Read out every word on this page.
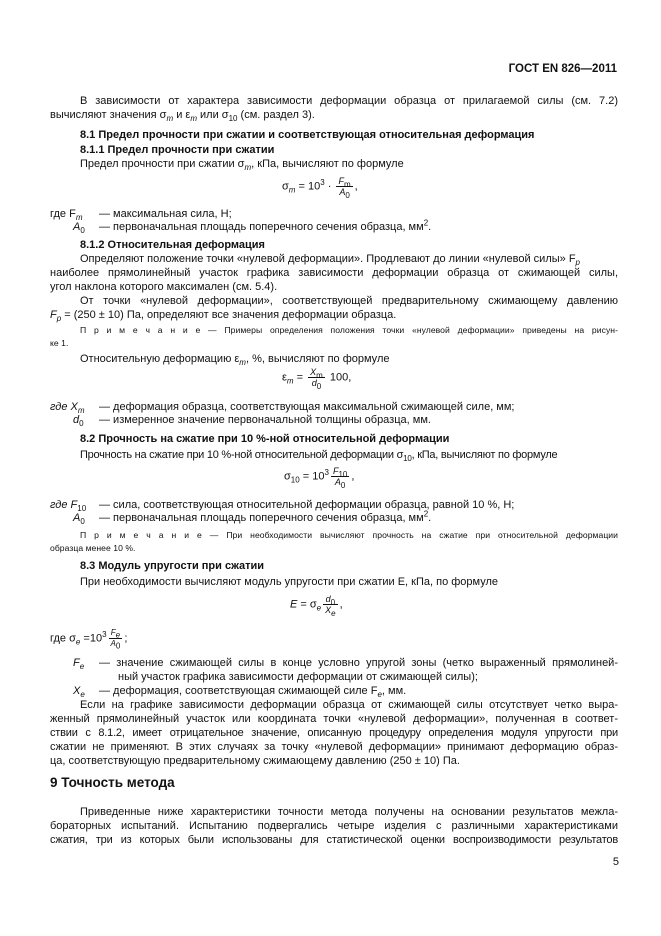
ГОСТ EN 826—2011
В зависимости от характера зависимости деформации образца от прилагаемой силы (см. 7.2)
вычисляют значения $\sigma_m$ и $\varepsilon_m$ или $\sigma_{10}$ (см. раздел 3).
8.1 Предел прочности при сжатии и соответствующая относительная деформация
8.1.1 Предел прочности при сжатии
Предел прочности при сжатии $\sigma_m$, кПа, вычисляют по формуле
$\sigma_m = 10^3 \cdot \frac{F_m}{A_0}$ ,
где $F_m$ — максимальная сила, Н;
$A_0$ — первоначальная площадь поперечного сечения образца, $мм^2$.
8.1.2 Относительная деформация
Определяют положение точки «нулевой деформации». Продлевают до линии «нулевой силы» $F_p$
наиболее прямолинейный участок графика зависимости деформации образца от сжимающей силы,
угол наклона которого максимален (см. 5.4).
От точки «нулевой деформации», соответствующей предварительному сжимающему давлению
$F_p = (250 \pm 10)$ Па, определяют все значения деформации образца.
П р и м е ч а н и е — Примеры определения положения точки «нулевой деформации» приведены на рисун-
ке 1.
Относительную деформацию $\varepsilon_m$, %, вычисляют по формуле
$\varepsilon_m = \frac{X_m}{d_0} 100$,
где $X_m$ — деформация образца, соответствующая максимальной сжимающей силе, мм;
$d_0$ — измеренное значение первоначальной толщины образца, мм.
8.2 Прочность на сжатие при 10 %-ной относительной деформации
Прочность на сжатие при 10 %-ной относительной деформации $\sigma_{10}$, кПа, вычисляют по формуле
$\sigma_{10} = 10^3 \frac{F_{10}}{A_0}$ ,
где $F_{10}$ — сила, соответствующая относительной деформации образца, равной 10 %, Н;
$A_0$ — первоначальная площадь поперечного сечения образца, $мм^2$.
П р и м е ч а н и е — При необходимости вычисляют прочность на сжатие при относительной деформации
образца менее 10 %.
8.3 Модуль упругости при сжатии
При необходимости вычисляют модуль упругости при сжатии E, кПа, по формуле
$E = \sigma_e \frac{d_0}{X_e}$ ,
где $\sigma_e =10^3 \frac{F_e}{A_0}$ ;
$F_e$ — значение сжимающей силы в конце условно упругой зоны (четко выраженный прямолиней-
ный участок графика зависимости деформации от сжимающей силы);
$X_e$ — деформация, соответствующая сжимающей силе $F_e$, мм.
Если на графике зависимости деформации образца от сжимающей силы отсутствует четко выра-
женный прямолинейный участок или координата точки «нулевой деформации», полученная в соответ-
ствии с 8.1.2, имеет отрицательное значение, описанную процедуру определения модуля упругости при
сжатии не применяют. В этих случаях за точку «нулевой деформации» принимают деформацию образ-
ца, соответствующую предварительному сжимающему давлению (250 ± 10) Па.
9 Точность метода
Приведенные ниже характеристики точности метода получены на основании результатов межла-
бораторных испытаний. Испытанию подвергались четыре изделия с различными характеристиками
сжатия, три из которых были использованы для статистической оценки воспроизводимости результатов
5
